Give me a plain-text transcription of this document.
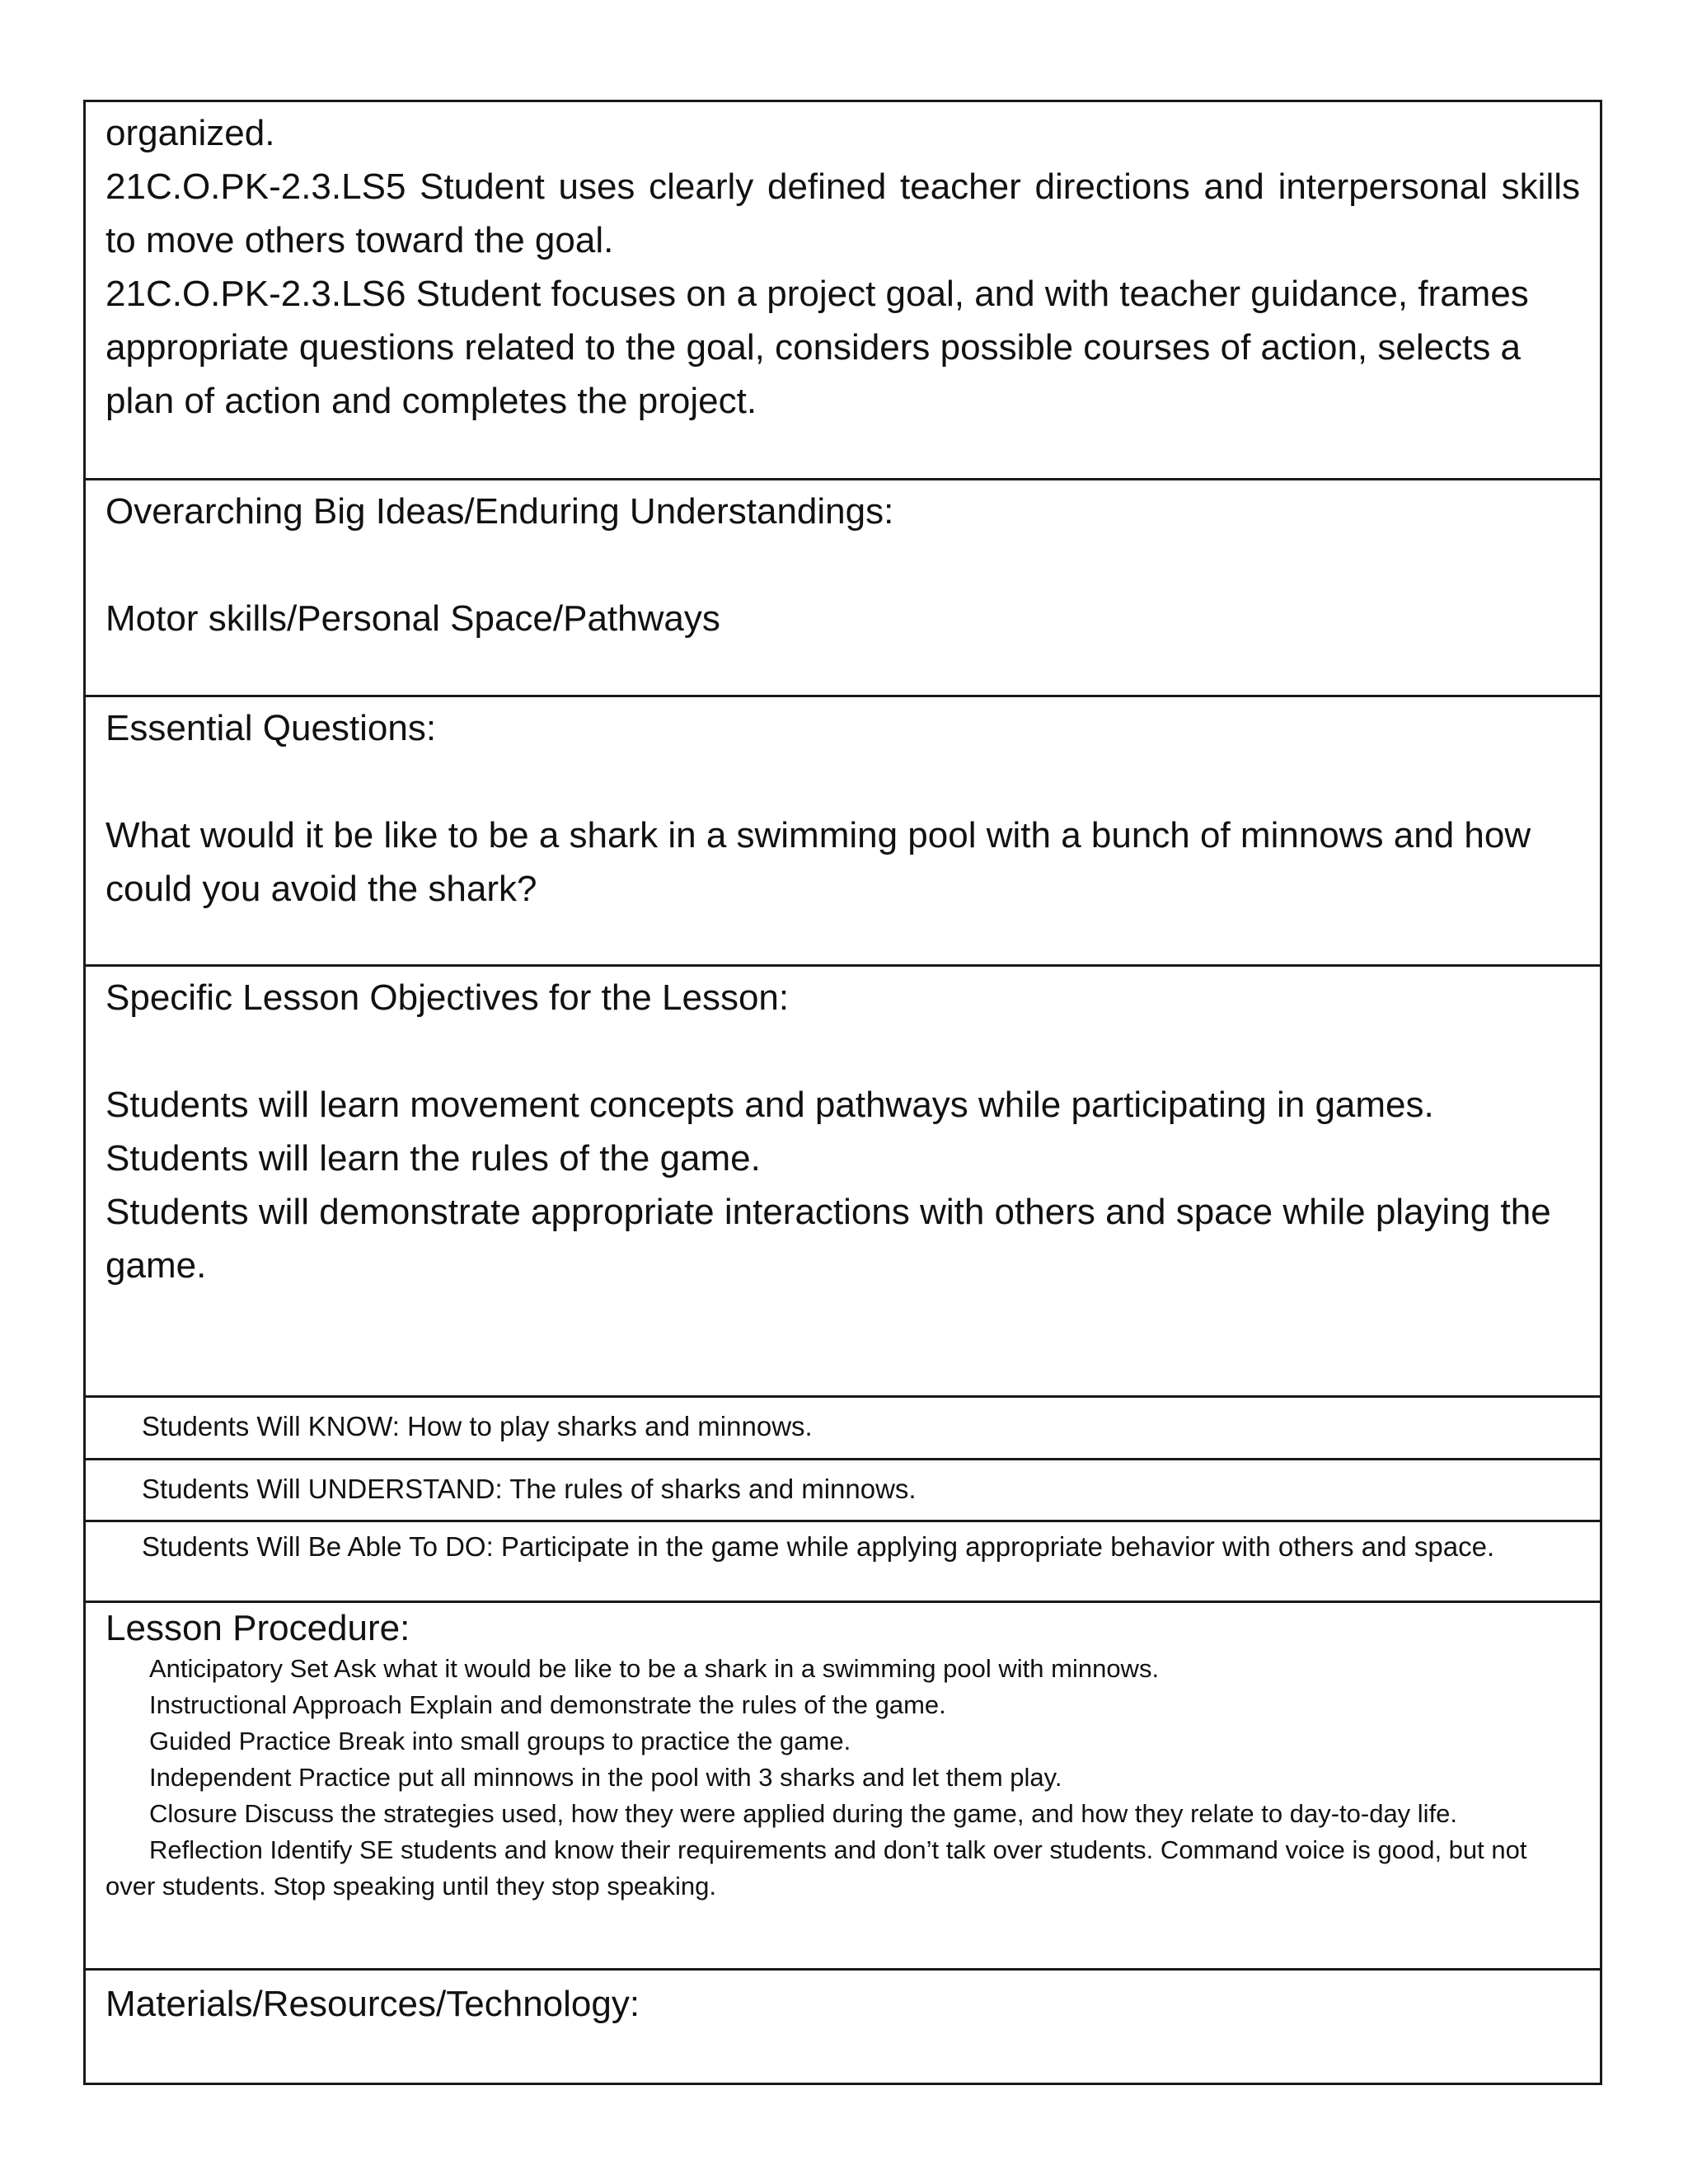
organized.

21C.O.PK-2.3.LS5 Student uses clearly defined teacher directions and interpersonal skills to move others toward the goal.

21C.O.PK-2.3.LS6 Student focuses on a project goal, and with teacher guidance, frames appropriate questions related to the goal, considers possible courses of action, selects a plan of action and completes the project.

Overarching Big Ideas/Enduring Understandings:

Motor skills/Personal Space/Pathways

Essential Questions:

What would it be like to be a shark in a swimming pool with a bunch of minnows and how could you avoid the shark?

Specific Lesson Objectives for the Lesson:

Students will learn movement concepts and pathways while participating in games.

Students will learn the rules of the game.

Students will demonstrate appropriate interactions with others and space while playing the game.

Students Will KNOW: How to play sharks and minnows.

Students Will UNDERSTAND: The rules of sharks and minnows.

Students Will Be Able To DO: Participate in the game while applying appropriate behavior with others and space.

Lesson Procedure:

Anticipatory Set Ask what it would be like to be a shark in a swimming pool with minnows.

Instructional Approach Explain and demonstrate the rules of the game.

Guided Practice Break into small groups to practice the game.

Independent Practice put all minnows in the pool with 3 sharks and let them play.

Closure Discuss the strategies used, how they were applied during the game, and how they relate to day-to-day life.

Reflection Identify SE students and know their requirements and don’t talk over students. Command voice is good, but not over students. Stop speaking until they stop speaking.

Materials/Resources/Technology:
